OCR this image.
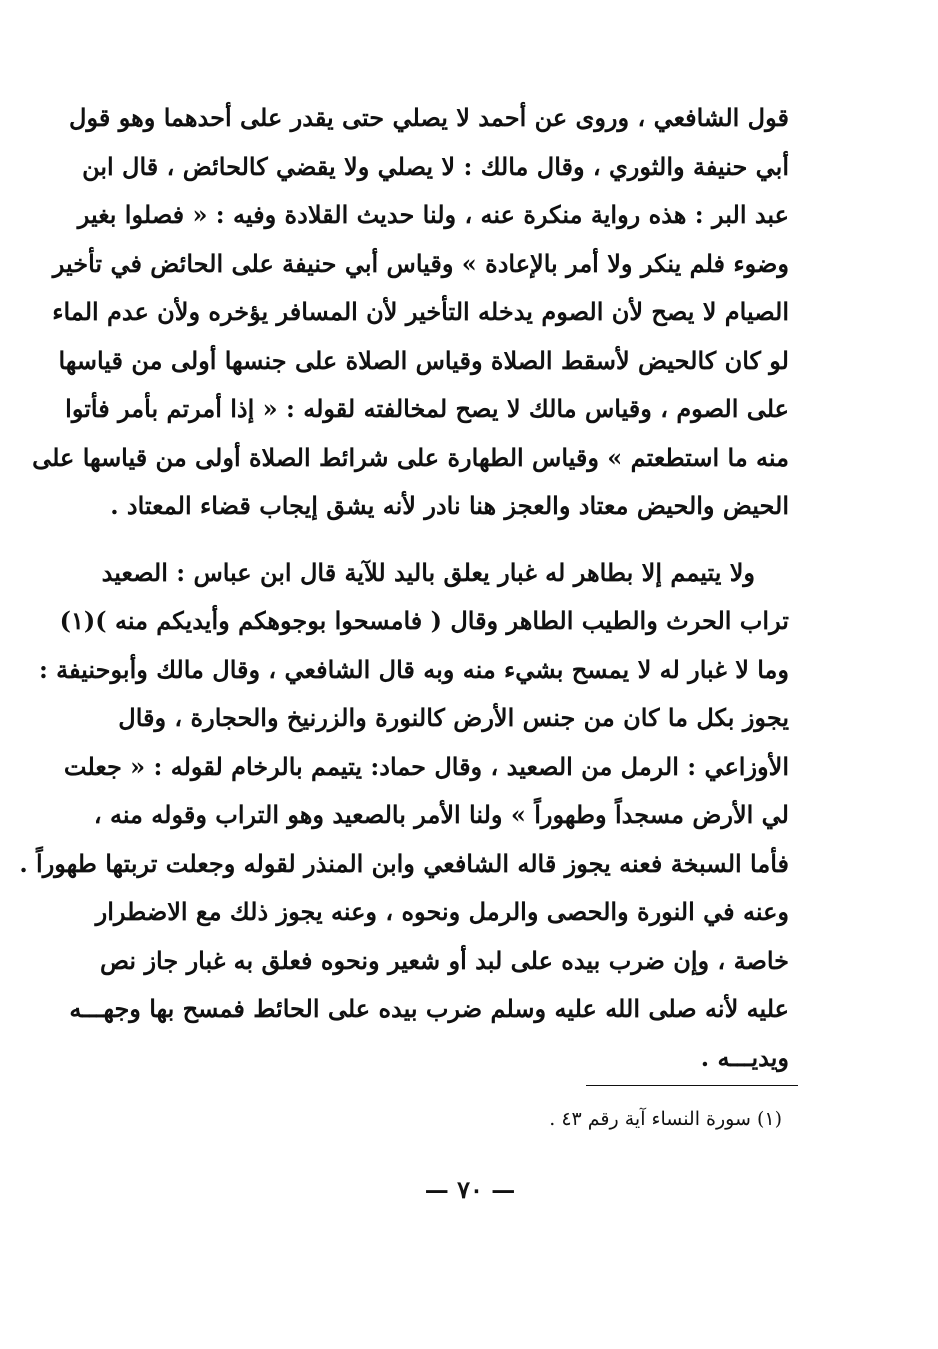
قول الشافعي ، وروى عن أحمد لا يصلي حتى يقدر على أحدهما وهو قول
أبي حنيفة والثوري ، وقال مالك : لا يصلي ولا يقضي كالحائض ، قال ابن
عبد البر : هذه رواية منكرة عنه ، ولنا حديث القلادة وفيه : « فصلوا بغير
وضوء فلم ينكر ولا أمر بالإعادة » وقياس أبي حنيفة على الحائض في تأخير
الصيام لا يصح لأن الصوم يدخله التأخير لأن المسافر يؤخره ولأن عدم الماء
لو كان كالحيض لأسقط الصلاة وقياس الصلاة على جنسها أولى من قياسها
على الصوم ، وقياس مالك لا يصح لمخالفته لقوله : « إذا أمرتم بأمر فأتوا
منه ما استطعتم » وقياس الطهارة على شرائط الصلاة أولى من قياسها على
الحيض والحيض معتاد والعجز هنا نادر لأنه يشق إيجاب قضاء المعتاد .
ولا يتيمم إلا بطاهر له غبار يعلق باليد للآية قال ابن عباس : الصعيد
تراب الحرث والطيب الطاهر وقال ( فامسحوا بوجوهكم وأيديكم منه )(١)
وما لا غبار له لا يمسح بشيء منه وبه قال الشافعي ، وقال مالك وأبوحنيفة :
يجوز بكل ما كان من جنس الأرض كالنورة والزرنيخ والحجارة ، وقال
الأوزاعي : الرمل من الصعيد ، وقال حماد: يتيمم بالرخام لقوله : « جعلت
لي الأرض مسجداً وطهوراً » ولنا الأمر بالصعيد وهو التراب وقوله منه ،
فأما السبخة فعنه يجوز قاله الشافعي وابن المنذر لقوله وجعلت تربتها طهوراً .
وعنه في النورة والحصى والرمل ونحوه ، وعنه يجوز ذلك مع الاضطرار
خاصة ، وإن ضرب بيده على لبد أو شعير ونحوه فعلق به غبار جاز نص
عليه لأنه صلى الله عليه وسلم ضرب بيده على الحائط فمسح بها وجهـــه
ويديـــه .
(١) سورة النساء آية رقم ٤٣ .
— ٧٠ —
